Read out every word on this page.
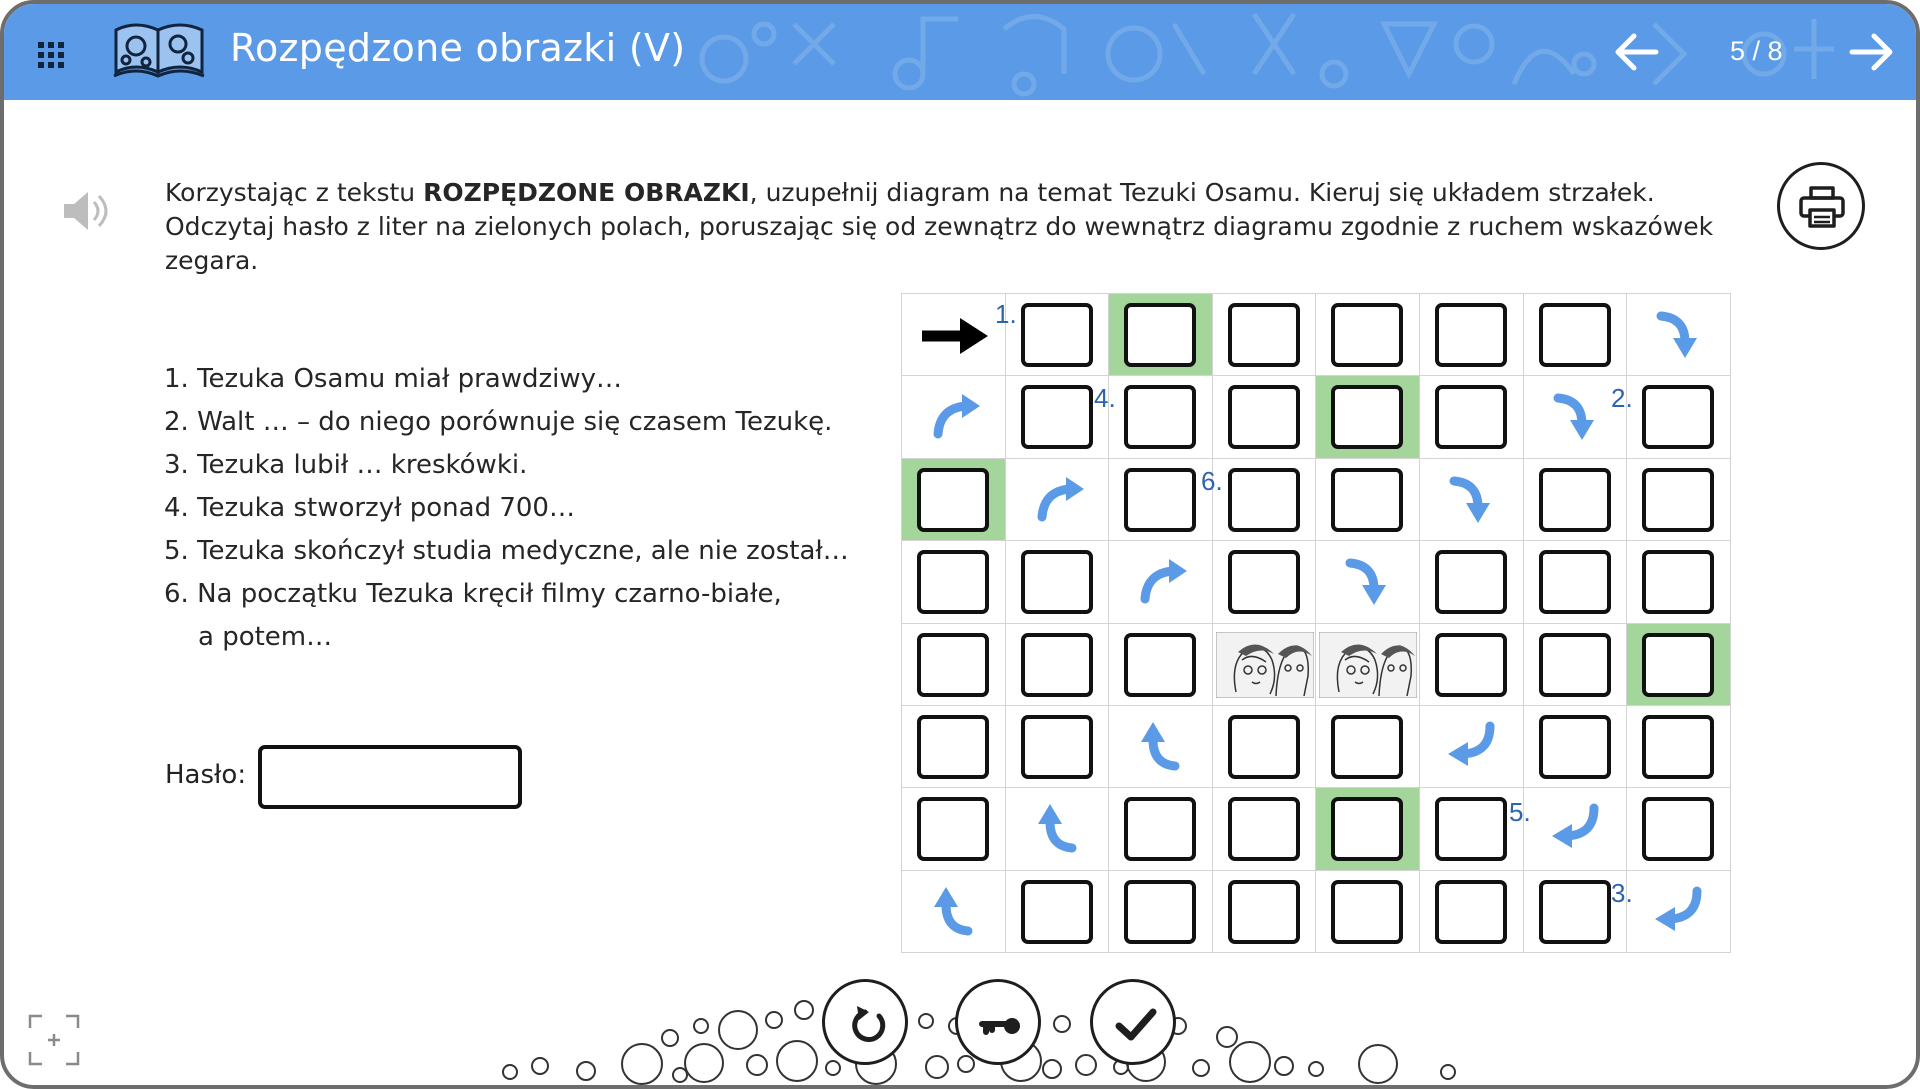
Rozpędzone obrazki (V)	5 / 8
Korzystając z tekstu ROZPĘDZONE OBRAZKI, uzupełnij diagram na temat Tezuki Osamu. Kieruj się układem strzałek. Odczytaj hasło z liter na zielonych polach, poruszając się od zewnątrz do wewnątrz diagramu zgodnie z ruchem wskazówek zegara.
1. Tezuka Osamu miał prawdziwy…
2. Walt … – do niego porównuje się czasem Tezukę.
3. Tezuka lubił … kreskówki.
4. Tezuka stworzył ponad 700…
5. Tezuka skończył studia medyczne, ale nie został…
6. Na początku Tezuka kręcił filmy czarno-białe,
a potem…
Hasło:
1.
4.	2.
6.
5.
3.
